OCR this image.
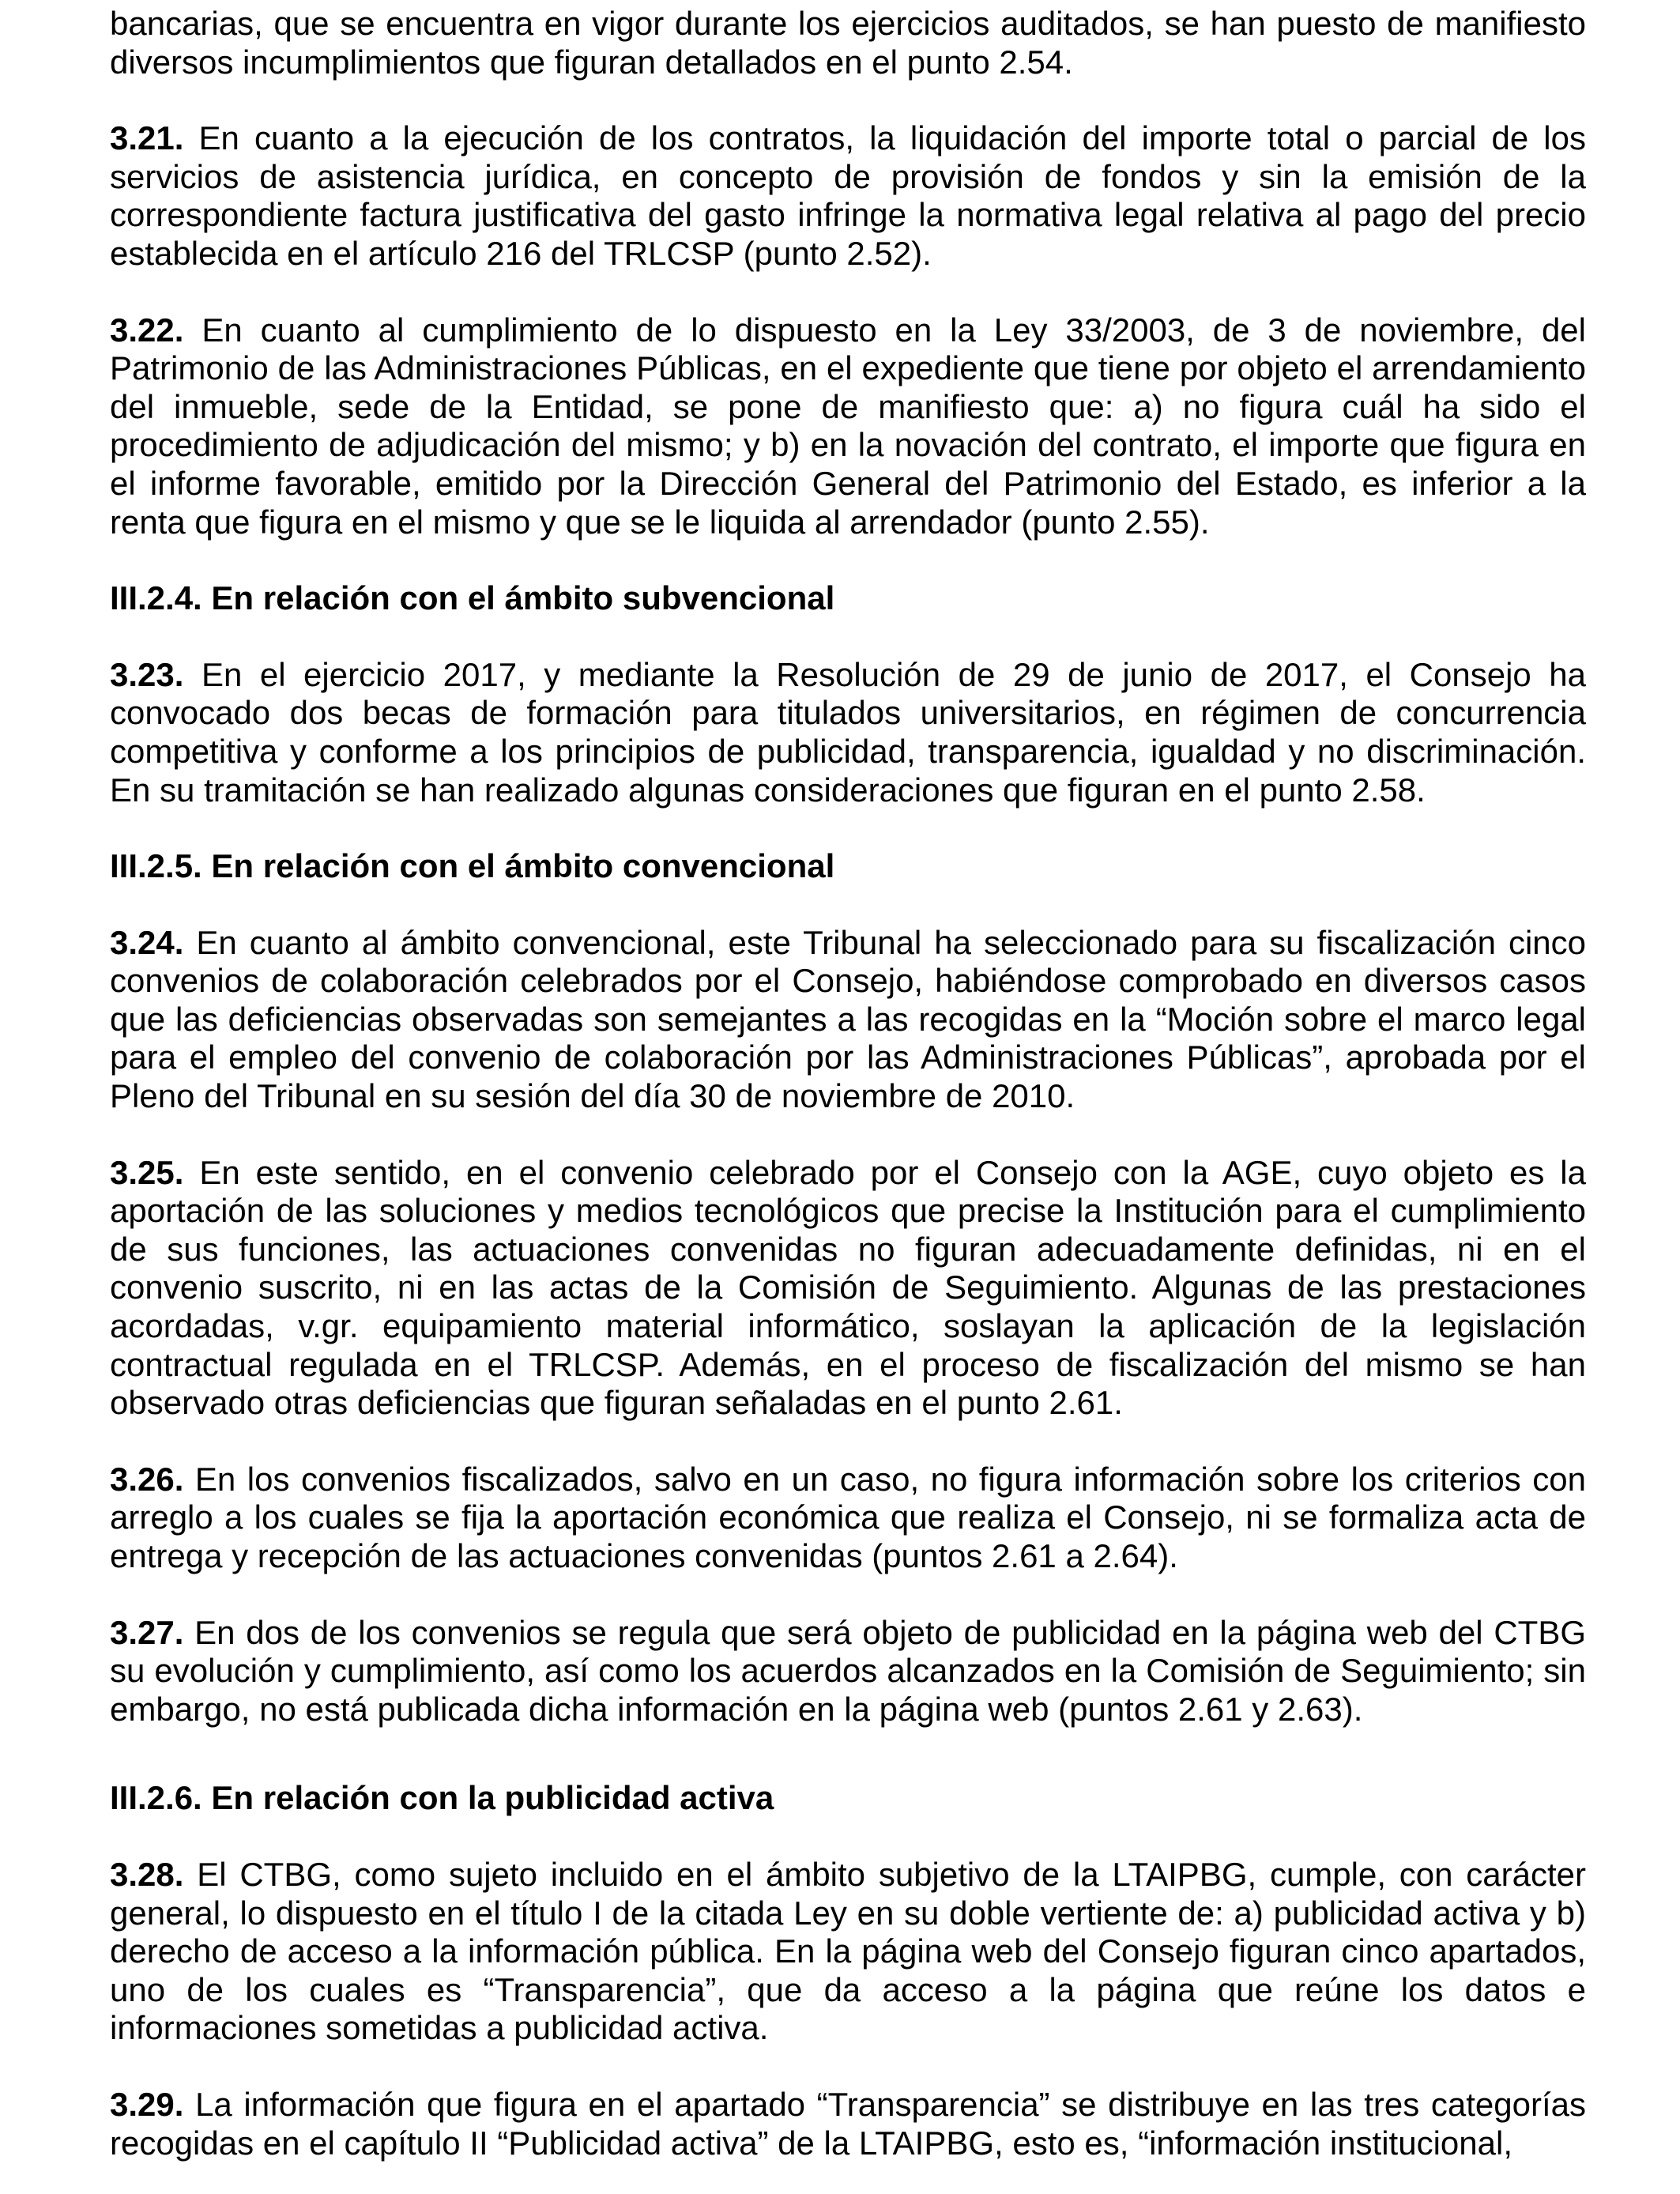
bancarias, que se encuentra en vigor durante los ejercicios auditados, se han puesto de manifiesto diversos incumplimientos que figuran detallados en el punto 2.54.

3.21. En cuanto a la ejecución de los contratos, la liquidación del importe total o parcial de los servicios de asistencia jurídica, en concepto de provisión de fondos y sin la emisión de la correspondiente factura justificativa del gasto infringe la normativa legal relativa al pago del precio establecida en el artículo 216 del TRLCSP (punto 2.52).

3.22. En cuanto al cumplimiento de lo dispuesto en la Ley 33/2003, de 3 de noviembre, del Patrimonio de las Administraciones Públicas, en el expediente que tiene por objeto el arrendamiento del inmueble, sede de la Entidad, se pone de manifiesto que: a) no figura cuál ha sido el procedimiento de adjudicación del mismo; y b) en la novación del contrato, el importe que figura en el informe favorable, emitido por la Dirección General del Patrimonio del Estado, es inferior a la renta que figura en el mismo y que se le liquida al arrendador (punto 2.55).

III.2.4. En relación con el ámbito subvencional

3.23. En el ejercicio 2017, y mediante la Resolución de 29 de junio de 2017, el Consejo ha convocado dos becas de formación para titulados universitarios, en régimen de concurrencia competitiva y conforme a los principios de publicidad, transparencia, igualdad y no discriminación. En su tramitación se han realizado algunas consideraciones que figuran en el punto 2.58.

III.2.5. En relación con el ámbito convencional

3.24. En cuanto al ámbito convencional, este Tribunal ha seleccionado para su fiscalización cinco convenios de colaboración celebrados por el Consejo, habiéndose comprobado en diversos casos que las deficiencias observadas son semejantes a las recogidas en la “Moción sobre el marco legal para el empleo del convenio de colaboración por las Administraciones Públicas”, aprobada por el Pleno del Tribunal en su sesión del día 30 de noviembre de 2010.

3.25. En este sentido, en el convenio celebrado por el Consejo con la AGE, cuyo objeto es la aportación de las soluciones y medios tecnológicos que precise la Institución para el cumplimiento de sus funciones, las actuaciones convenidas no figuran adecuadamente definidas, ni en el convenio suscrito, ni en las actas de la Comisión de Seguimiento. Algunas de las prestaciones acordadas, v.gr. equipamiento material informático, soslayan la aplicación de la legislación contractual regulada en el TRLCSP. Además, en el proceso de fiscalización del mismo se han observado otras deficiencias que figuran señaladas en el punto 2.61.

3.26. En los convenios fiscalizados, salvo en un caso, no figura información sobre los criterios con arreglo a los cuales se fija la aportación económica que realiza el Consejo, ni se formaliza acta de entrega y recepción de las actuaciones convenidas (puntos 2.61 a 2.64).

3.27. En dos de los convenios se regula que será objeto de publicidad en la página web del CTBG su evolución y cumplimiento, así como los acuerdos alcanzados en la Comisión de Seguimiento; sin embargo, no está publicada dicha información en la página web (puntos 2.61 y 2.63).

III.2.6. En relación con la publicidad activa

3.28. El CTBG, como sujeto incluido en el ámbito subjetivo de la LTAIPBG, cumple, con carácter general, lo dispuesto en el título I de la citada Ley en su doble vertiente de: a) publicidad activa y b) derecho de acceso a la información pública. En la página web del Consejo figuran cinco apartados, uno de los cuales es “Transparencia”, que da acceso a la página que reúne los datos e informaciones sometidas a publicidad activa.

3.29. La información que figura en el apartado “Transparencia” se distribuye en las tres categorías recogidas en el capítulo II “Publicidad activa” de la LTAIPBG, esto es, “información institucional,
